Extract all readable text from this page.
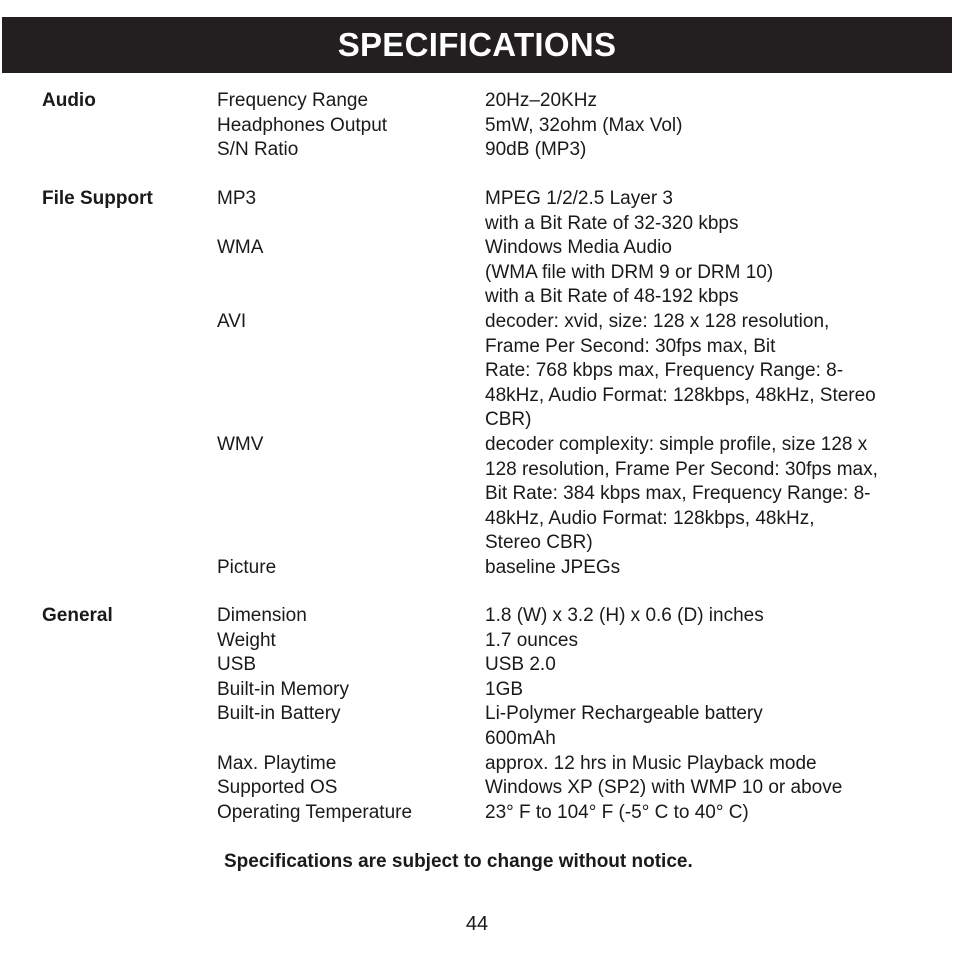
SPECIFICATIONS
Audio	Frequency Range	20Hz–20KHz
Headphones Output	5mW, 32ohm (Max Vol)
S/N Ratio	90dB (MP3)
File Support	MP3	MPEG 1/2/2.5 Layer 3
with a Bit Rate of 32-320 kbps
WMA	Windows Media Audio
(WMA file with DRM 9 or DRM 10)
with a Bit Rate of 48-192 kbps
AVI	decoder: xvid, size: 128 x 128 resolution,
Frame Per Second: 30fps max, Bit
Rate: 768 kbps max, Frequency Range: 8-
48kHz, Audio Format: 128kbps, 48kHz, Stereo
CBR)
WMV	decoder complexity: simple profile, size 128 x
128 resolution, Frame Per Second: 30fps max,
Bit Rate: 384 kbps max, Frequency Range: 8-
48kHz, Audio Format: 128kbps, 48kHz,
Stereo CBR)
Picture	baseline JPEGs
General	Dimension	1.8 (W) x 3.2 (H) x 0.6 (D) inches
Weight	1.7 ounces
USB	USB 2.0
Built-in Memory	1GB
Built-in Battery	Li-Polymer Rechargeable battery
600mAh
Max. Playtime	approx. 12 hrs in Music Playback mode
Supported OS	Windows XP (SP2) with WMP 10 or above
Operating Temperature	23° F to 104° F (-5° C to 40° C)
Specifications are subject to change without notice.
44
